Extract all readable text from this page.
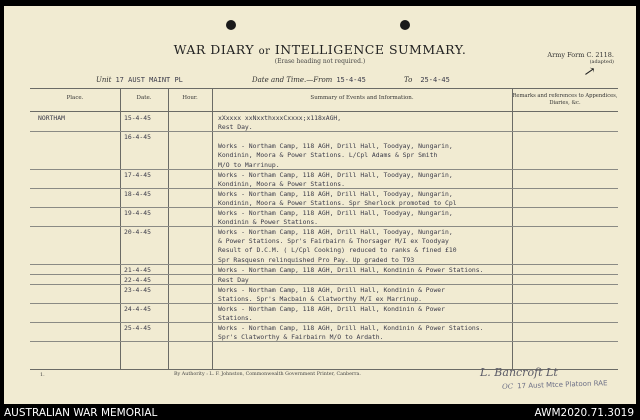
WAR DIARY or INTELLIGENCE SUMMARY.
(Erase heading not required.)
Army Form C. 2118.
(adapted)
→
Unit 17 AUST MAINT PL	Date and Time.—From 15-4-45	To 25-4-45
Place.	Date.	Hour.	Summary of Events and Information.	Remarks and references to Appendices, Diaries, &c.
NORTHAM	15-4-45	xXxxxx xxNxxthxxxCxxxx;x118xAGH,
Rest Day.
16-4-45
Works - Northam Camp, 118 AGH, Drill Hall, Toodyay, Nungarin,
Kondinin, Moora & Power Stations. L/Cpl Adams & Spr Smith
M/O to Marrinup.
17-4-45	Works - Northam Camp, 118 AGH, Drill Hall, Toodyay, Nungarin,
Kondinin, Moora & Power Stations.
18-4-45	Works - Northam Camp, 118 AGH, Drill Hall, Toodyay, Nungarin,
Kondinin, Moora & Power Stations. Spr Sherlock promoted to Cpl
19-4-45	Works - Northam Camp, 118 AGH, Drill Hall, Toodyay, Nungarin,
Kondinin & Power Stations.
20-4-45	Works - Northam Camp, 118 AGH, Drill Hall, Toodyay, Nungarin,
& Power Stations. Spr's Fairbairn & Thorsager M/I ex Toodyay
Result of D.C.M. ( L/Cpl Cooking) reduced to ranks & fined £10
Spr Rasquesn relinquished Pro Pay. Up graded to T93
21-4-45	Works - Northam Camp, 118 AGH, Drill Hall, Kondinin & Power Stations.
22-4-45	Rest Day
23-4-45	Works - Northam Camp, 118 AGH, Drill Hall, Kondinin & Power
Stations. Spr's Macbain & Clatworthy M/I ex Marrinup.
24-4-45	Works - Northam Camp, 118 AGH, Drill Hall, Kondinin & Power
Stations.
25-4-45	Works - Northam Camp, 118 AGH, Drill Hall, Kondinin & Power Stations.
Spr's Clatworthy & Fairbairn M/O to Ardath.
1.	By Authority : L. F. Johnston, Commonwealth Government Printer, Canberra.	L. Bancroft Lt
OC 17 Aust Mtce Platoon RAE
AUSTRALIAN WAR MEMORIAL	AWM2020.71.3019
